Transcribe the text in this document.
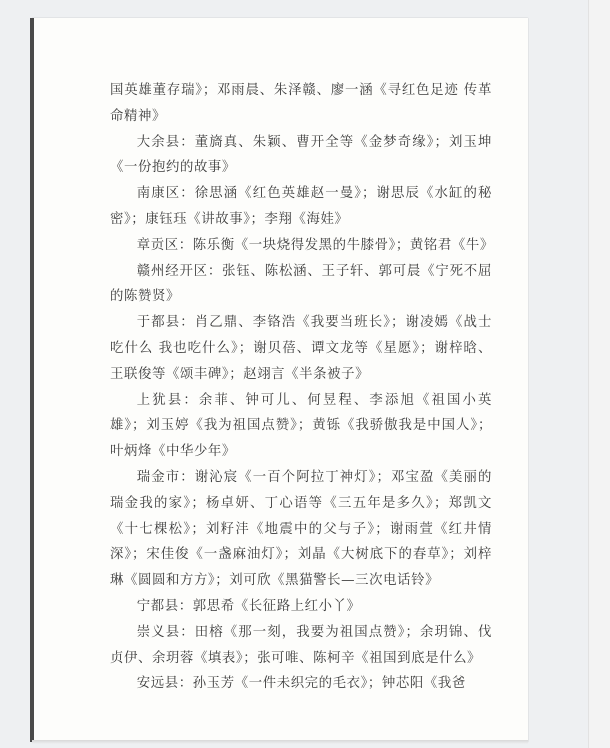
国英雄董存瑞》；邓雨晨、朱泽赣、廖一涵《寻红色足迹 传革命精神》

大余县：董旖真、朱颖、曹开全等《金梦奇缘》；刘玉坤《一份抱约的故事》

南康区：徐思涵《红色英雄赵一曼》；谢思辰《水缸的秘密》；康钰珏《讲故事》；李翔《海娃》

章贡区：陈乐衡《一块烧得发黑的牛膝骨》；黄铭君《牛》

赣州经开区：张钰、陈松涵、王子轩、郭可晨《宁死不屈的陈赞贤》

于都县：肖乙鼎、李铬浩《我要当班长》；谢凌嫣《战士吃什么 我也吃什么》；谢贝蓓、谭文龙等《星愿》；谢梓晗、王联俊等《颂丰碑》；赵翊言《半条被子》

上犹县：余菲、钟可儿、何昱程、李添旭《祖国小英雄》；刘玉婷《我为祖国点赞》；黄铄《我骄傲我是中国人》；叶炳烽《中华少年》

瑞金市：谢沁宸《一百个阿拉丁神灯》；邓宝盈《美丽的瑞金我的家》；杨卓妍、丁心语等《三五年是多久》；郑凯文《十七棵松》；刘籽沣《地震中的父与子》；谢雨萱《红井情深》；宋佳俊《一盏麻油灯》；刘晶《大树底下的春草》；刘梓琳《圆圆和方方》；刘可欣《黑猫警长—三次电话铃》

宁都县：郭思希《长征路上红小丫》

崇义县：田榕《那一刻，我要为祖国点赞》；余玥锦、伐贞伊、余玥蓉《填表》；张可唯、陈柯辛《祖国到底是什么》

安远县：孙玉芳《一件未织完的毛衣》；钟芯阳《我爸
